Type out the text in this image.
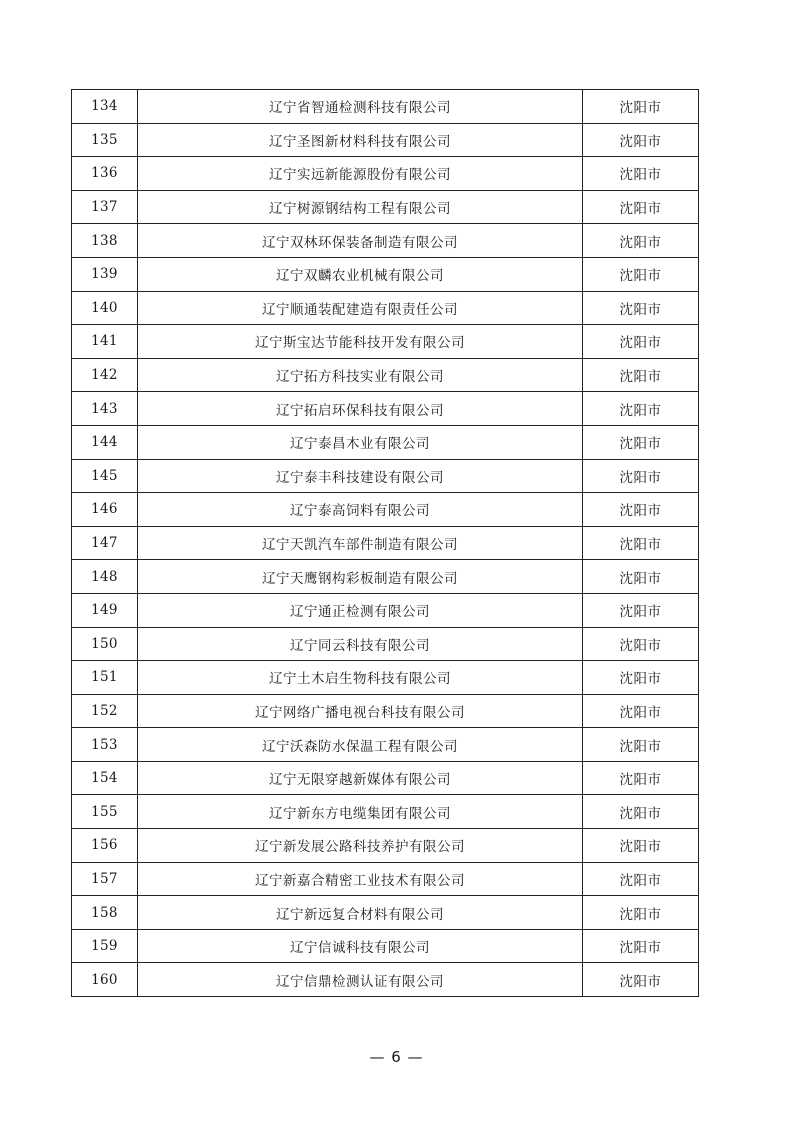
134	辽宁省智通检测科技有限公司	沈阳市
135	辽宁圣图新材料科技有限公司	沈阳市
136	辽宁实远新能源股份有限公司	沈阳市
137	辽宁树源钢结构工程有限公司	沈阳市
138	辽宁双林环保装备制造有限公司	沈阳市
139	辽宁双麟农业机械有限公司	沈阳市
140	辽宁顺通装配建造有限责任公司	沈阳市
141	辽宁斯宝达节能科技开发有限公司	沈阳市
142	辽宁拓方科技实业有限公司	沈阳市
143	辽宁拓启环保科技有限公司	沈阳市
144	辽宁泰昌木业有限公司	沈阳市
145	辽宁泰丰科技建设有限公司	沈阳市
146	辽宁泰高饲料有限公司	沈阳市
147	辽宁天凯汽车部件制造有限公司	沈阳市
148	辽宁天鹰钢构彩板制造有限公司	沈阳市
149	辽宁通正检测有限公司	沈阳市
150	辽宁同云科技有限公司	沈阳市
151	辽宁土木启生物科技有限公司	沈阳市
152	辽宁网络广播电视台科技有限公司	沈阳市
153	辽宁沃森防水保温工程有限公司	沈阳市
154	辽宁无限穿越新媒体有限公司	沈阳市
155	辽宁新东方电缆集团有限公司	沈阳市
156	辽宁新发展公路科技养护有限公司	沈阳市
157	辽宁新嘉合精密工业技术有限公司	沈阳市
158	辽宁新远复合材料有限公司	沈阳市
159	辽宁信诚科技有限公司	沈阳市
160	辽宁信鼎检测认证有限公司	沈阳市
— 6 —
